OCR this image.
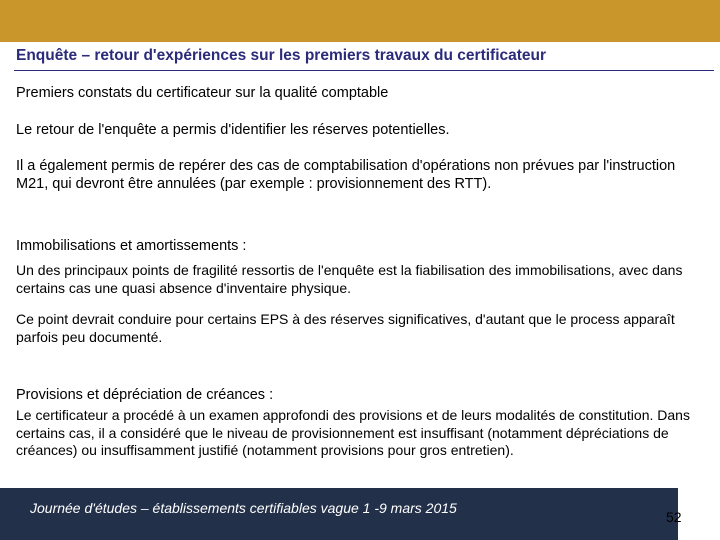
Enquête – retour d'expériences sur les premiers travaux du certificateur
Premiers constats du certificateur sur la qualité comptable
Le retour de l'enquête a permis d'identifier les réserves potentielles.
Il a également permis de repérer des cas de comptabilisation d'opérations non prévues par l'instruction M21, qui devront être annulées (par exemple : provisionnement des RTT).
Immobilisations et amortissements :
Un des principaux points de fragilité ressortis de l'enquête est la fiabilisation des immobilisations, avec dans certains cas une quasi absence d'inventaire physique.
Ce point devrait conduire pour certains EPS à des réserves significatives, d'autant que le process apparaît parfois peu documenté.
Provisions et dépréciation de créances :
Le certificateur a procédé à un examen approfondi des provisions et de leurs modalités de constitution. Dans certains cas, il a considéré que le niveau de provisionnement est insuffisant (notamment dépréciations de créances) ou insuffisamment justifié (notamment provisions pour gros entretien).
Journée d'études – établissements certifiables vague 1 -9 mars 2015
52
